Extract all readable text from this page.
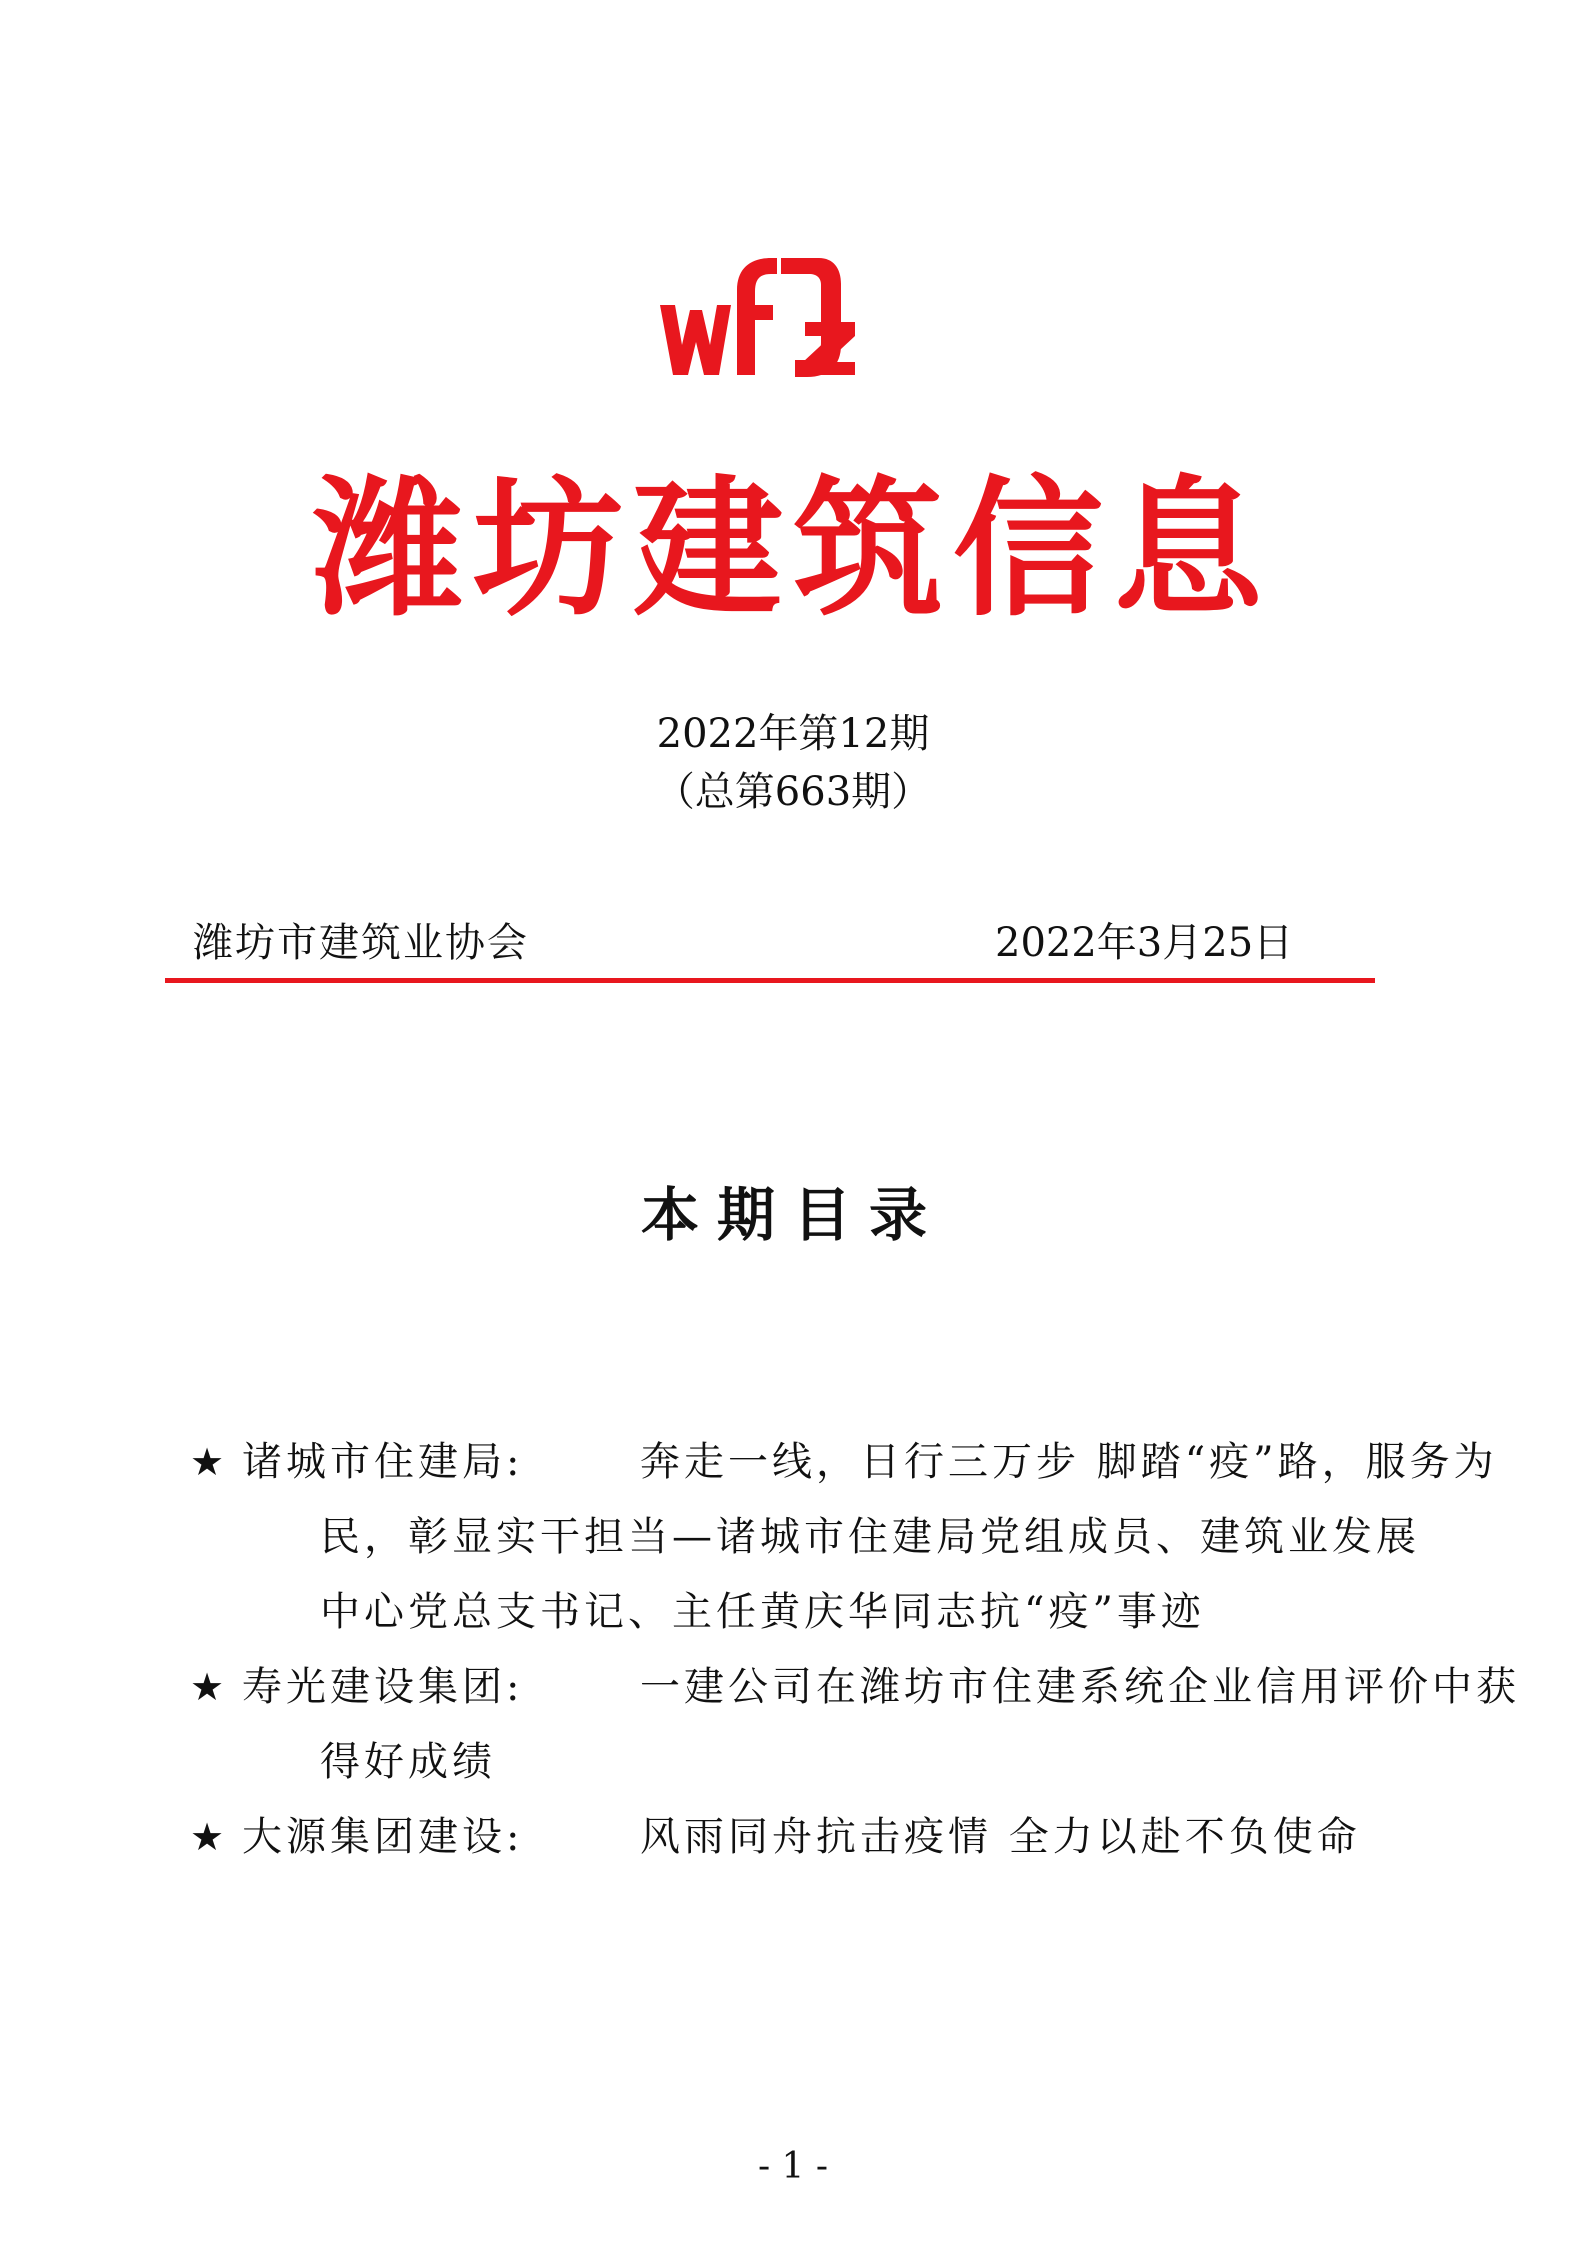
潍坊建筑信息
2022年第12期
（总第663期）
潍坊市建筑业协会	2022年3月25日
本期目录
★ 诸城市住建局:	奔走一线，日行三万步 脚踏“疫”路，服务为
民，彰显实干担当—诸城市住建局党组成员、建筑业发展
中心党总支书记、主任黄庆华同志抗“疫”事迹
★ 寿光建设集团:	一建公司在潍坊市住建系统企业信用评价中获
得好成绩
★ 大源集团建设:	风雨同舟抗击疫情 全力以赴不负使命
- 1 -
